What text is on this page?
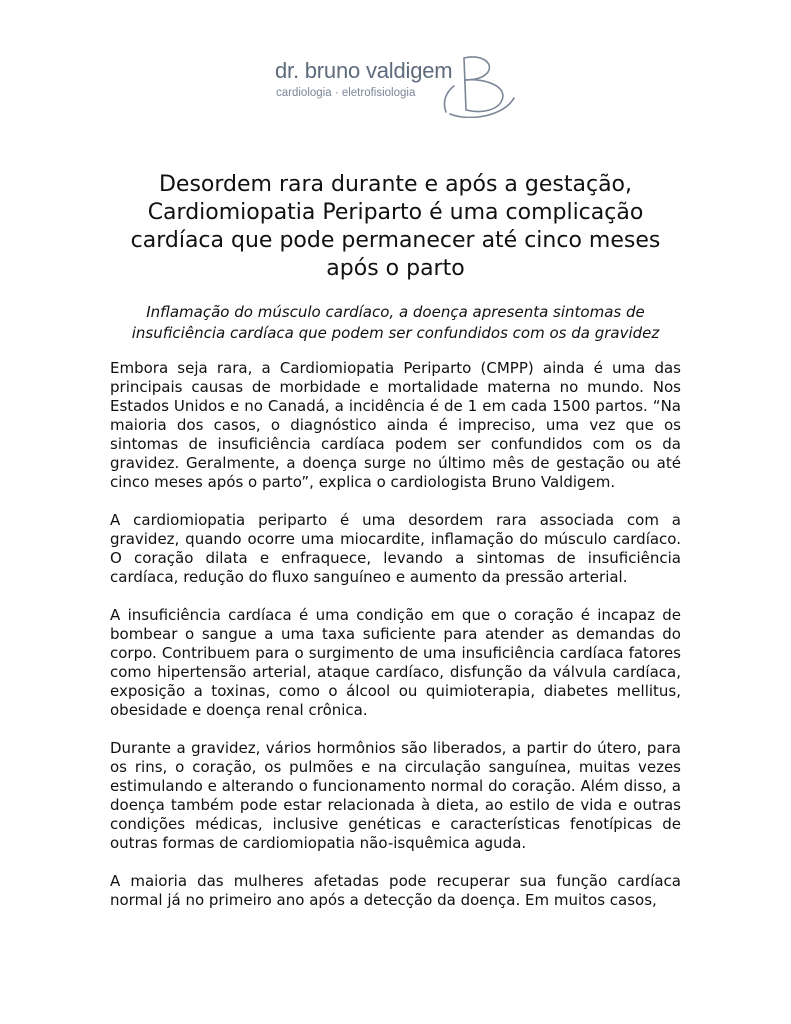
dr. bruno valdigem
cardiologia · eletrofisiologia
Desordem rara durante e após a gestação, Cardiomiopatia Periparto é uma complicação cardíaca que pode permanecer até cinco meses após o parto

Inflamação do músculo cardíaco, a doença apresenta sintomas de insuficiência cardíaca que podem ser confundidos com os da gravidez

Embora seja rara, a Cardiomiopatia Periparto (CMPP) ainda é uma das principais causas de morbidade e mortalidade materna no mundo. Nos Estados Unidos e no Canadá, a incidência é de 1 em cada 1500 partos. “Na maioria dos casos, o diagnóstico ainda é impreciso, uma vez que os sintomas de insuficiência cardíaca podem ser confundidos com os da gravidez. Geralmente, a doença surge no último mês de gestação ou até cinco meses após o parto”, explica o cardiologista Bruno Valdigem.

A cardiomiopatia periparto é uma desordem rara associada com a gravidez, quando ocorre uma miocardite, inflamação do músculo cardíaco. O coração dilata e enfraquece, levando a sintomas de insuficiência cardíaca, redução do fluxo sanguíneo e aumento da pressão arterial.

A insuficiência cardíaca é uma condição em que o coração é incapaz de bombear o sangue a uma taxa suficiente para atender as demandas do corpo. Contribuem para o surgimento de uma insuficiência cardíaca fatores como hipertensão arterial, ataque cardíaco, disfunção da válvula cardíaca, exposição a toxinas, como o álcool ou quimioterapia, diabetes mellitus, obesidade e doença renal crônica.

Durante a gravidez, vários hormônios são liberados, a partir do útero, para os rins, o coração, os pulmões e na circulação sanguínea, muitas vezes estimulando e alterando o funcionamento normal do coração. Além disso, a doença também pode estar relacionada à dieta, ao estilo de vida e outras condições médicas, inclusive genéticas e características fenotípicas de outras formas de cardiomiopatia não-isquêmica aguda.

A maioria das mulheres afetadas pode recuperar sua função cardíaca normal já no primeiro ano após a detecção da doença. Em muitos casos,
